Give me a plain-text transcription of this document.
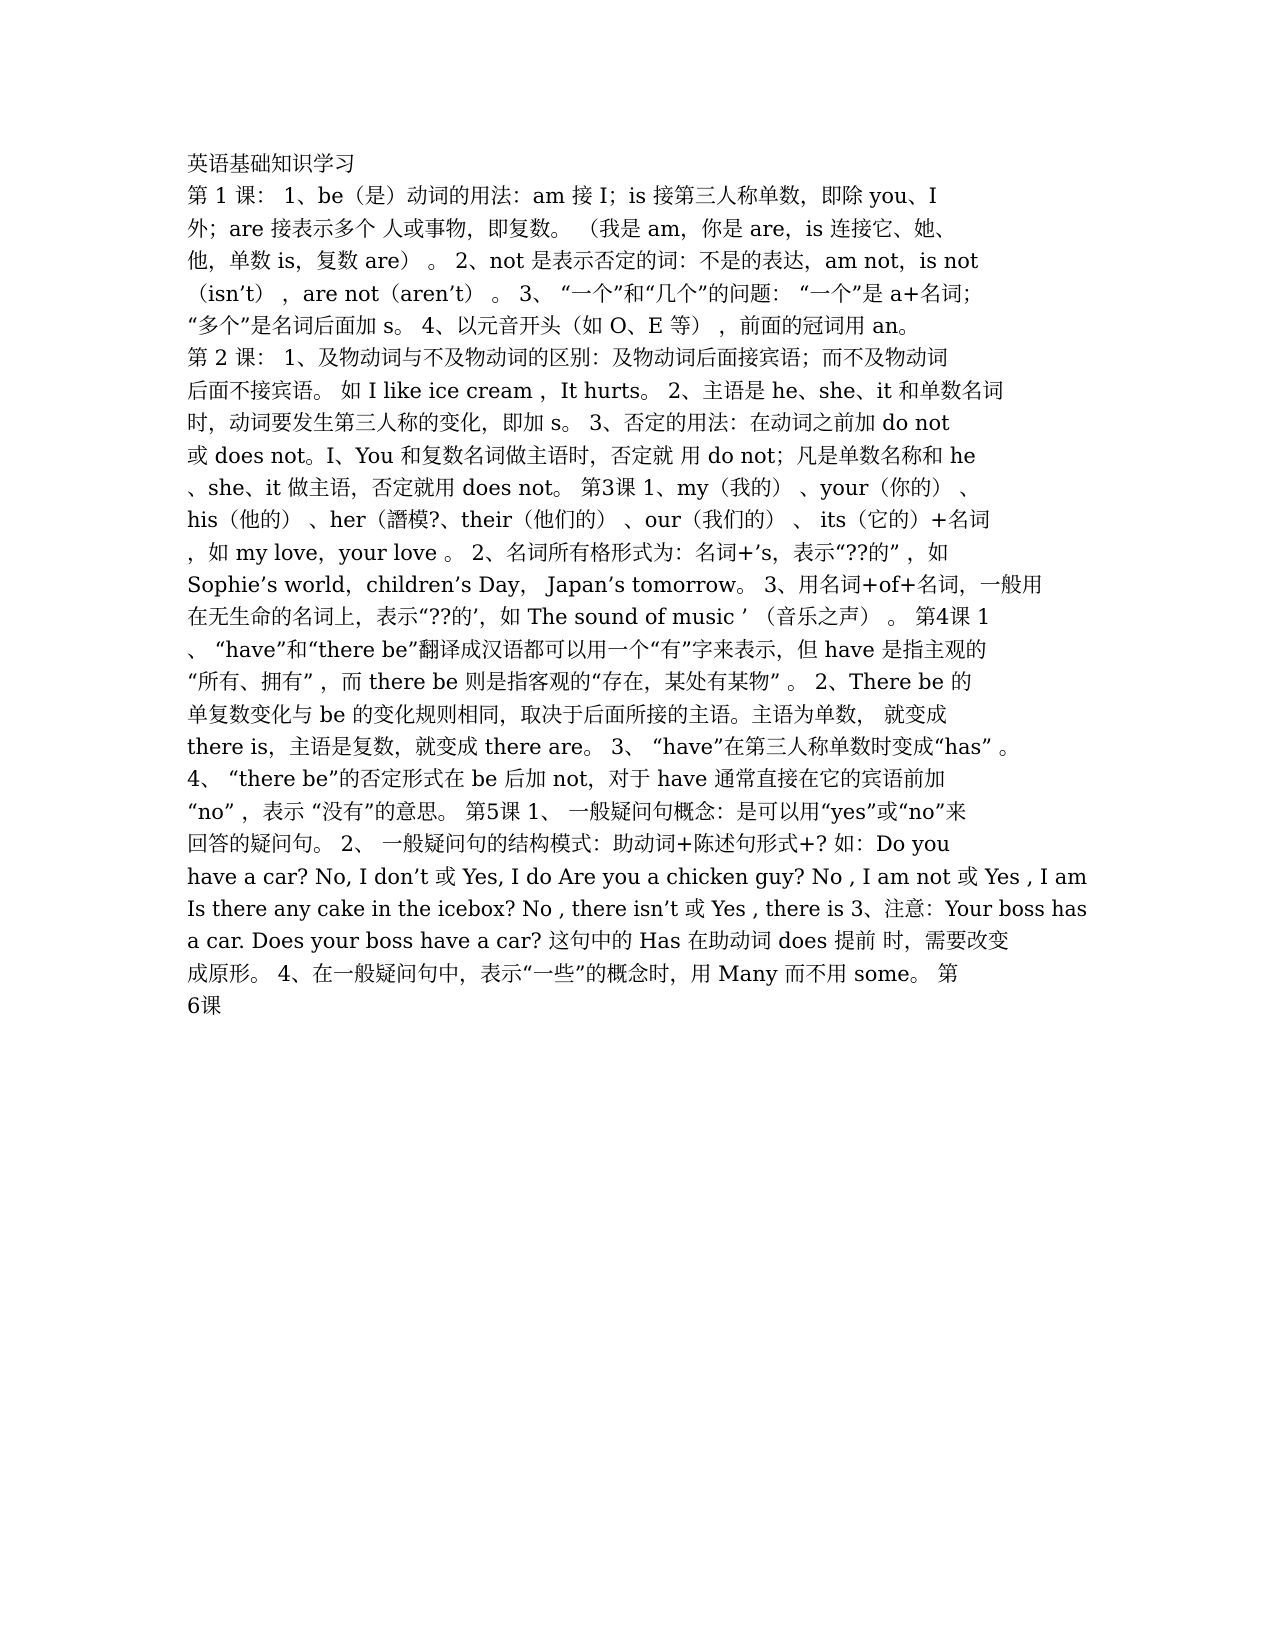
英语基础知识学习
第 1 课： 1、be（是）动词的用法：am 接 I；is 接第三人称单数，即除 you、I
外；are 接表示多个 人或事物，即复数。 （我是 am，你是 are，is 连接它、她、
他，单数 is，复数 are） 。 2、not 是表示否定的词：不是的表达，am not，is not
（isn’t） ，are not（aren’t） 。 3、 “一个”和“几个”的问题： “一个”是 a+名词；
“多个”是名词后面加 s。 4、以元音开头（如 O、E 等） ，前面的冠词用 an。
第 2 课： 1、及物动词与不及物动词的区别：及物动词后面接宾语；而不及物动词
后面不接宾语。 如 I like ice cream ，It hurts。 2、主语是 he、she、it 和单数名词
时，动词要发生第三人称的变化，即加 s。 3、否定的用法：在动词之前加 do not
或 does not。I、You 和复数名词做主语时，否定就 用 do not；凡是单数名称和 he
、she、it 做主语，否定就用 does not。 第3课 1、my（我的） 、your（你的） 、
his（他的） 、her（譖模?、their（他们的） 、our（我们的） 、 its（它的）+名词
，如 my love，your love 。 2、名词所有格形式为：名词+’s，表示“??的” ，如
Sophie’s world，children’s Day， Japan’s tomorrow。 3、用名词+of+名词，一般用
在无生命的名词上，表示“??的’，如 The sound of music ’ （音乐之声） 。 第4课 1
、 “have”和“there be”翻译成汉语都可以用一个“有”字来表示，但 have 是指主观的
“所有、拥有” ，而 there be 则是指客观的“存在，某处有某物” 。 2、There be 的
单复数变化与 be 的变化规则相同，取决于后面所接的主语。主语为单数， 就变成
there is，主语是复数，就变成 there are。 3、 “have”在第三人称单数时变成“has” 。
4、 “there be”的否定形式在 be 后加 not，对于 have 通常直接在它的宾语前加
“no” ，表示 “没有”的意思。 第5课 1、 一般疑问句概念：是可以用“yes”或“no”来
回答的疑问句。 2、 一般疑问句的结构模式：助动词+陈述句形式+? 如：Do you
have a car? No, I don’t 或 Yes, I do Are you a chicken guy? No , I am not 或 Yes , I am
Is there any cake in the icebox? No , there isn’t 或 Yes , there is 3、注意：Your boss has
a car. Does your boss have a car? 这句中的 Has 在助动词 does 提前 时，需要改变
成原形。 4、在一般疑问句中，表示“一些”的概念时，用 Many 而不用 some。 第
6课
